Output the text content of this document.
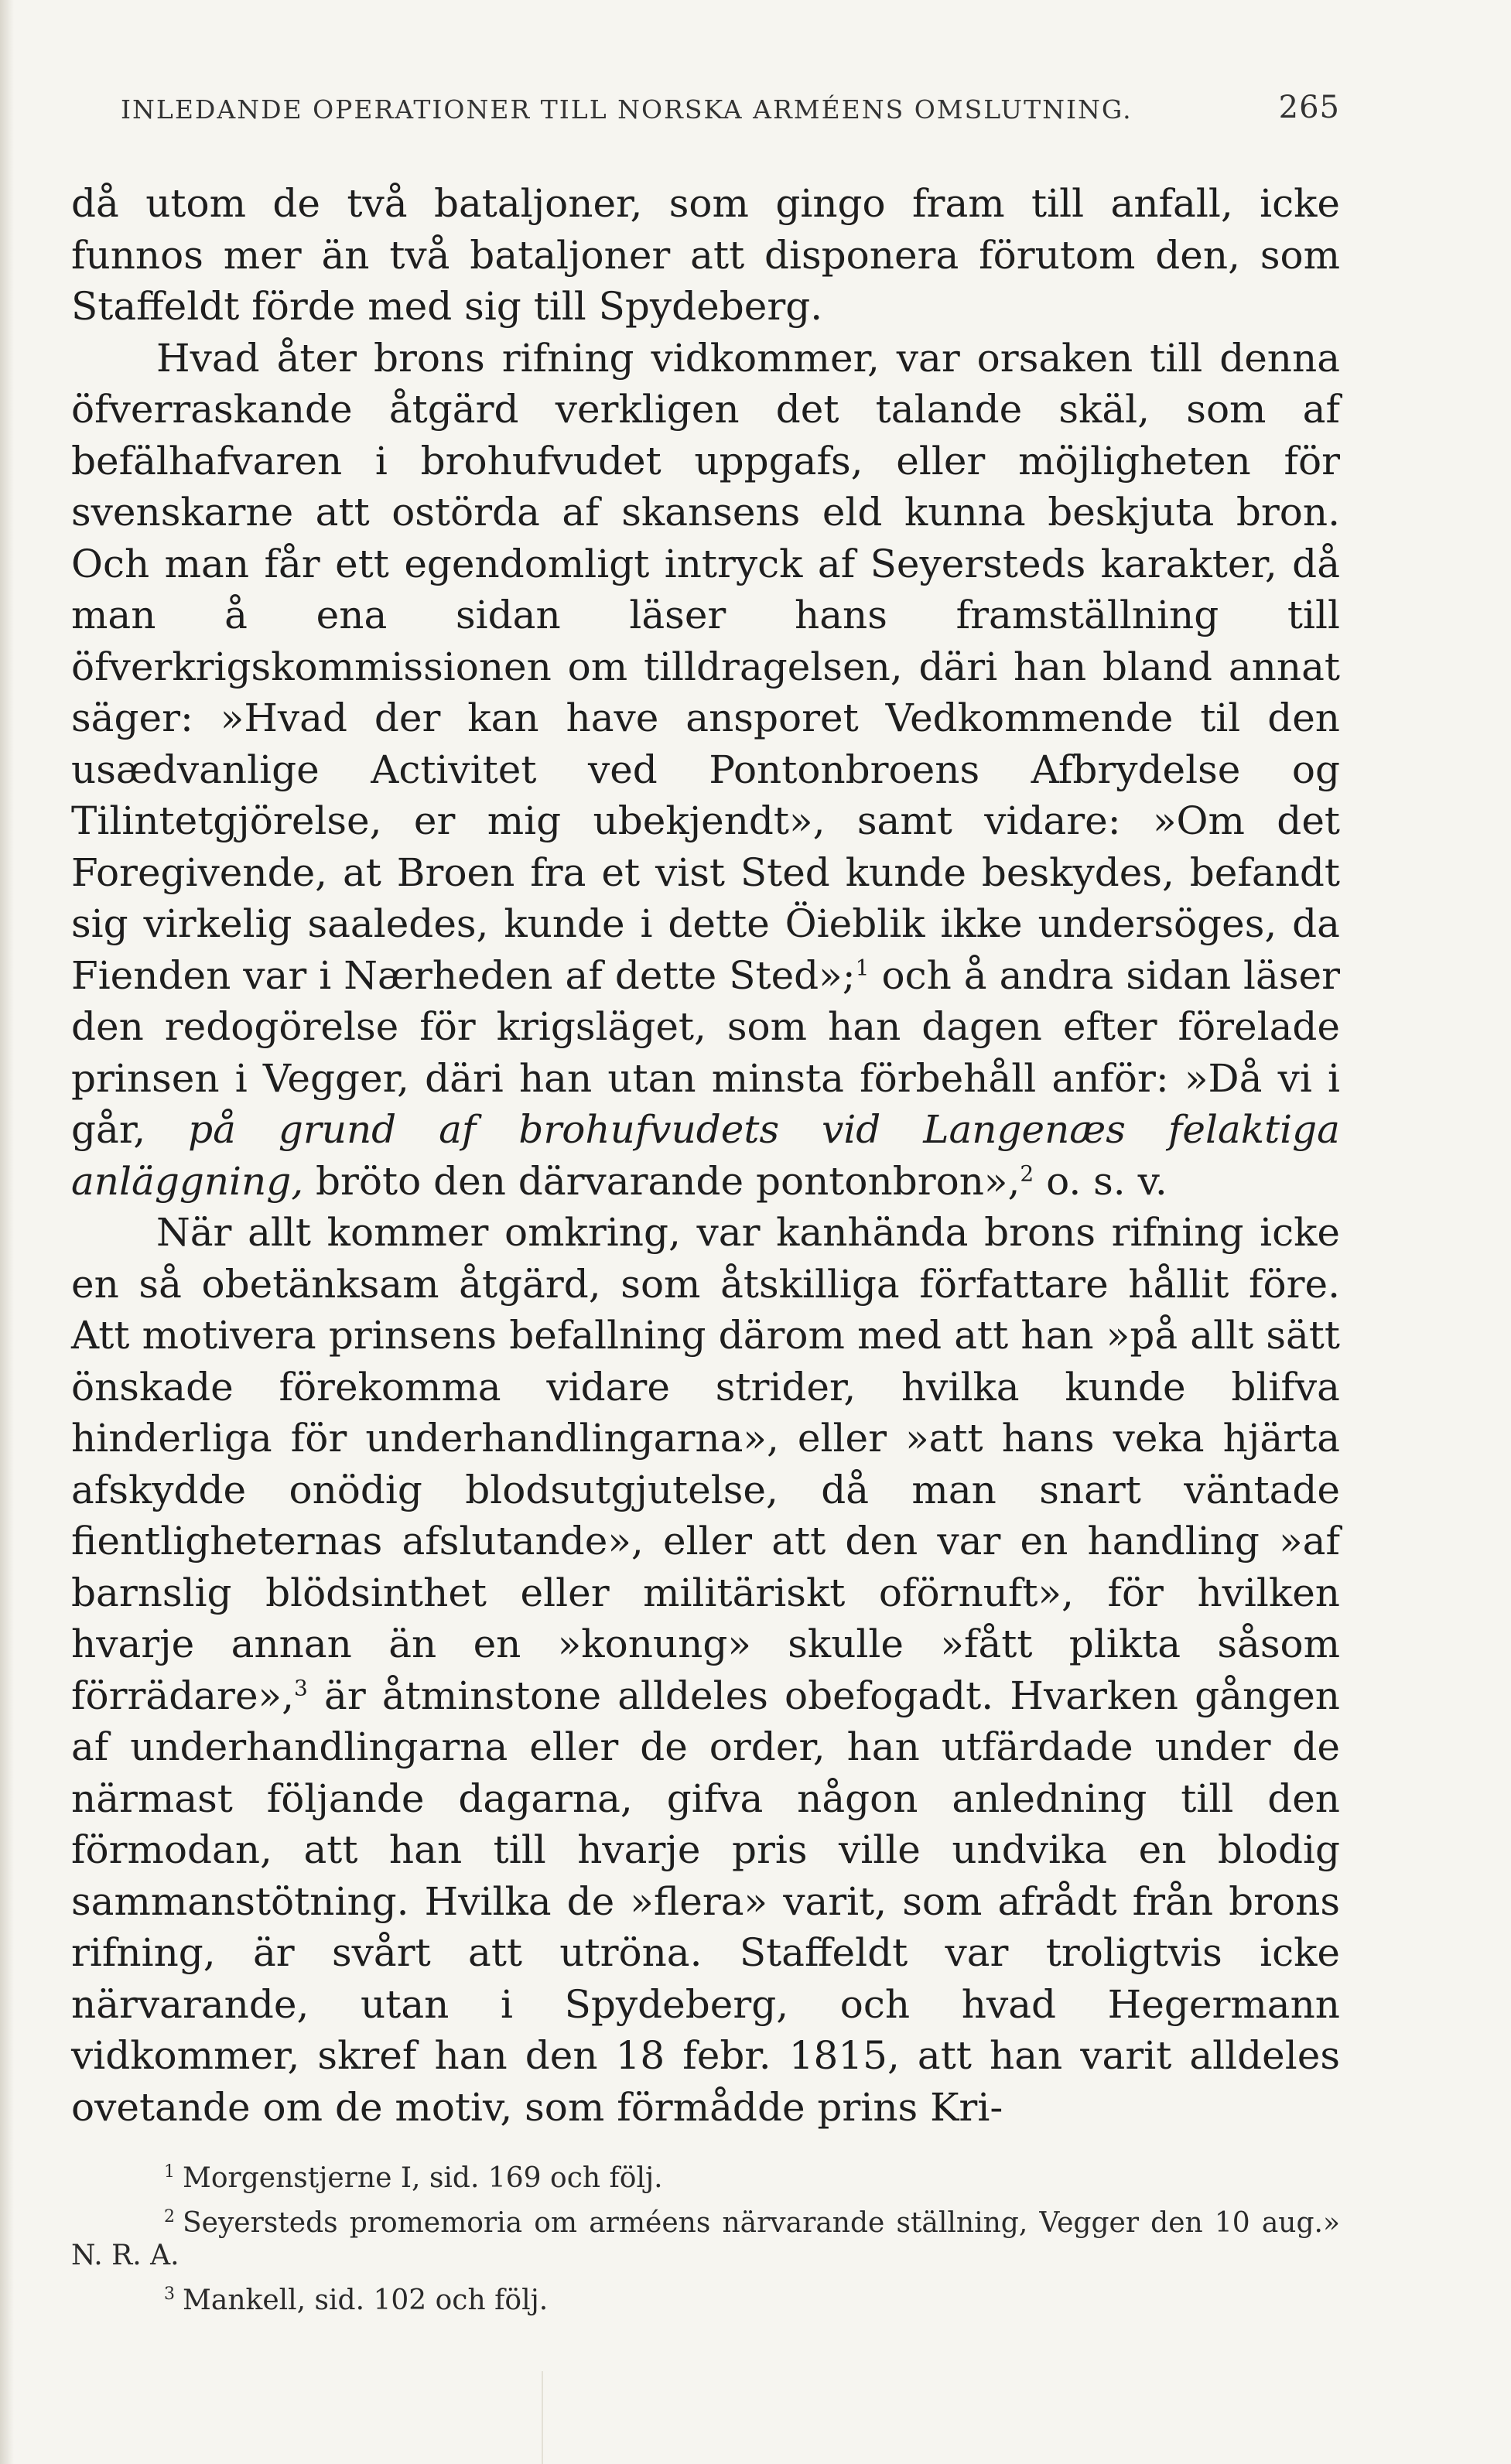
INLEDANDE OPERATIONER TILL NORSKA ARMÉENS OMSLUTNING.	265

då utom de två bataljoner, som gingo fram till anfall, icke funnos mer än två bataljoner att disponera förutom den, som Staffeldt förde med sig till Spydeberg.

Hvad åter brons rifning vidkommer, var orsaken till denna öfverraskande åtgärd verkligen det talande skäl, som af befälhafvaren i brohufvudet uppgafs, eller möjligheten för svenskarne att ostörda af skansens eld kunna beskjuta bron. Och man får ett egendomligt intryck af Seyersteds karakter, då man å ena sidan läser hans framställning till öfverkrigskommissionen om tilldragelsen, däri han bland annat säger: »Hvad der kan have ansporet Vedkommende til den usædvanlige Activitet ved Pontonbroens Afbrydelse og Tilintetgjörelse, er mig ubekjendt», samt vidare: »Om det Foregivende, at Broen fra et vist Sted kunde beskydes, befandt sig virkelig saaledes, kunde i dette Öieblik ikke undersöges, da Fienden var i Nærheden af dette Sted»;$^1$ och å andra sidan läser den redogörelse för krigsläget, som han dagen efter förelade prinsen i Vegger, däri han utan minsta förbehåll anför: »Då vi i går, på grund af brohufvudets vid Langenæs felaktiga anläggning, bröto den därvarande pontonbron»,$^2$ o. s. v.

När allt kommer omkring, var kanhända brons rifning icke en så obetänksam åtgärd, som åtskilliga författare hållit före. Att motivera prinsens befallning därom med att han »på allt sätt önskade förekomma vidare strider, hvilka kunde blifva hinderliga för underhandlingarna», eller »att hans veka hjärta afskydde onödig blodsutgjutelse, då man snart väntade fientligheternas afslutande», eller att den var en handling »af barnslig blödsinthet eller militäriskt oförnuft», för hvilken hvarje annan än en »konung» skulle »fått plikta såsom förrädare»,$^3$ är åtminstone alldeles obefogadt. Hvarken gången af underhandlingarna eller de order, han utfärdade under de närmast följande dagarna, gifva någon anledning till den förmodan, att han till hvarje pris ville undvika en blodig sammanstötning. Hvilka de »flera» varit, som afrådt från brons rifning, är svårt att utröna. Staffeldt var troligtvis icke närvarande, utan i Spydeberg, och hvad Hegermann vidkommer, skref han den 18 febr. 1815, att han varit alldeles ovetande om de motiv, som förmådde prins Kri-

$^1$ Morgenstjerne I, sid. 169 och följ.

$^2$ Seyersteds promemoria om arméens närvarande ställning, Vegger den 10 aug.» N. R. A.

$^3$ Mankell, sid. 102 och följ.
